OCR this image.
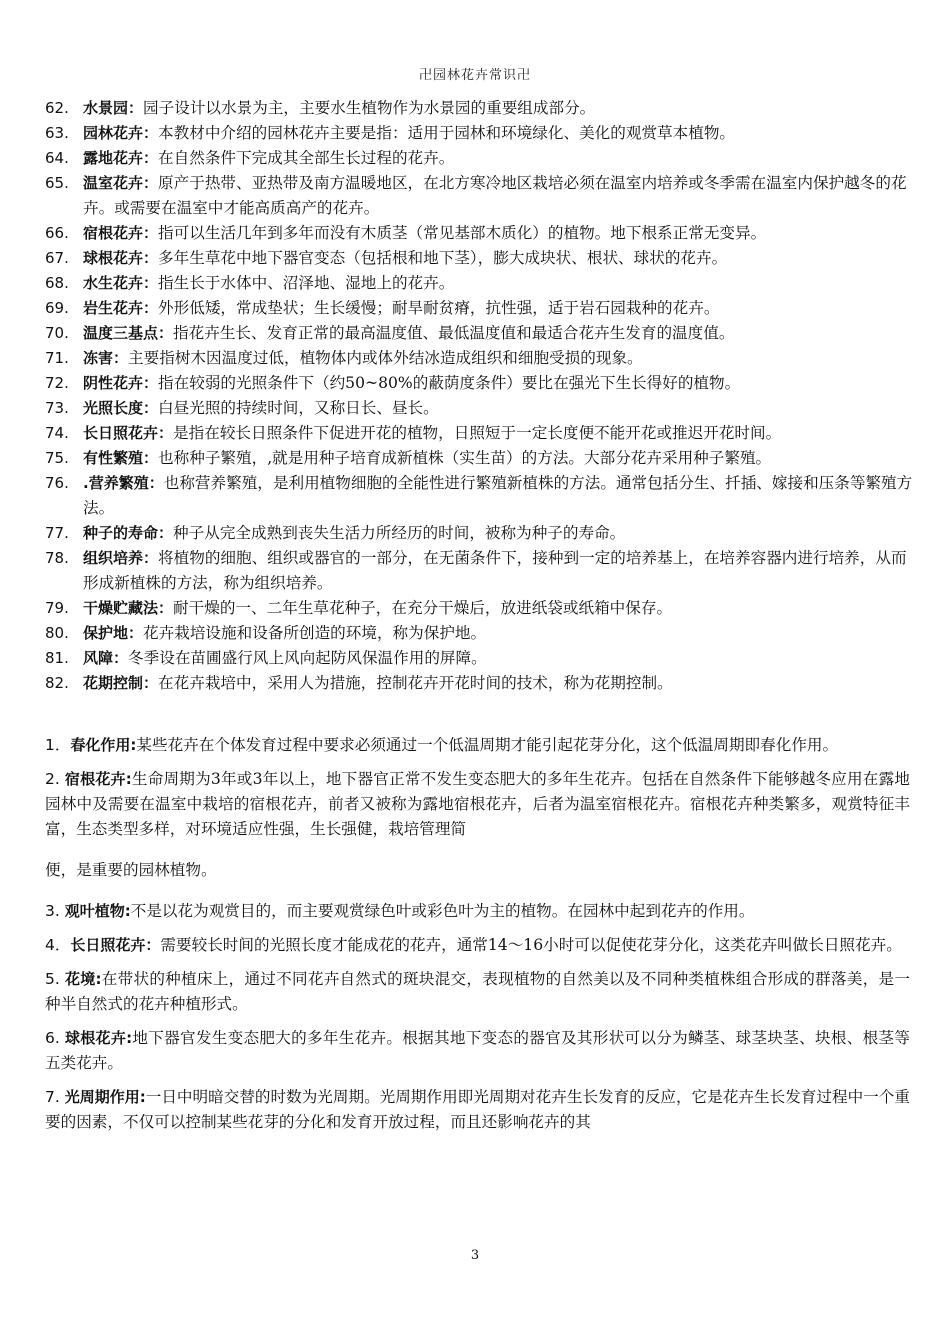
卍园林花卉常识卍
62. 水景园：园子设计以水景为主，主要水生植物作为水景园的重要组成部分。
63. 园林花卉：本教材中介绍的园林花卉主要是指：适用于园林和环境绿化、美化的观赏草本植物。
64. 露地花卉：在自然条件下完成其全部生长过程的花卉。
65. 温室花卉：原产于热带、亚热带及南方温暖地区，在北方寒冷地区栽培必须在温室内培养或冬季需在温室内保护越冬的花卉。或需要在温室中才能高质高产的花卉。
66. 宿根花卉：指可以生活几年到多年而没有木质茎（常见基部木质化）的植物。地下根系正常无变异。
67. 球根花卉：多年生草花中地下器官变态（包括根和地下茎），膨大成块状、根状、球状的花卉。
68. 水生花卉：指生长于水体中、沼泽地、湿地上的花卉。
69. 岩生花卉：外形低矮，常成垫状；生长缓慢；耐旱耐贫瘠，抗性强，适于岩石园栽种的花卉。
70. 温度三基点：指花卉生长、发育正常的最高温度值、最低温度值和最适合花卉生发育的温度值。
71. 冻害：主要指树木因温度过低，植物体内或体外结冰造成组织和细胞受损的现象。
72. 阴性花卉：指在较弱的光照条件下（约50~80%的蔽荫度条件）要比在强光下生长得好的植物。
73. 光照长度：白昼光照的持续时间，又称日长、昼长。
74. 长日照花卉：是指在较长日照条件下促进开花的植物，日照短于一定长度便不能开花或推迟开花时间。
75. 有性繁殖：也称种子繁殖，,就是用种子培育成新植株（实生苗）的方法。大部分花卉采用种子繁殖。
76. .营养繁殖：也称营养繁殖，是利用植物细胞的全能性进行繁殖新植株的方法。通常包括分生、扦插、嫁接和压条等繁殖方法。
77. 种子的寿命：种子从完全成熟到丧失生活力所经历的时间，被称为种子的寿命。
78. 组织培养：将植物的细胞、组织或器官的一部分，在无菌条件下，接种到一定的培养基上，在培养容器内进行培养，从而形成新植株的方法，称为组织培养。
79. 干燥贮藏法：耐干燥的一、二年生草花种子，在充分干燥后，放进纸袋或纸箱中保存。
80. 保护地：花卉栽培设施和设备所创造的环境，称为保护地。
81. 风障：冬季设在苗圃盛行风上风向起防风保温作用的屏障。
82. 花期控制：在花卉栽培中，采用人为措施，控制花卉开花时间的技术，称为花期控制。

1．春化作用:某些花卉在个体发育过程中要求必须通过一个低温周期才能引起花芽分化，这个低温周期即春化作用。

2. 宿根花卉:生命周期为3年或3年以上，地下器官正常不发生变态肥大的多年生花卉。包括在自然条件下能够越冬应用在露地园林中及需要在温室中栽培的宿根花卉，前者又被称为露地宿根花卉，后者为温室宿根花卉。宿根花卉种类繁多，观赏特征丰富，生态类型多样，对环境适应性强，生长强健，栽培管理简
便，是重要的园林植物。

3. 观叶植物:不是以花为观赏目的，而主要观赏绿色叶或彩色叶为主的植物。在园林中起到花卉的作用。

4．长日照花卉：需要较长时间的光照长度才能成花的花卉，通常14～16小时可以促使花芽分化，这类花卉叫做长日照花卉。

5. 花境:在带状的种植床上，通过不同花卉自然式的斑块混交，表现植物的自然美以及不同种类植株组合形成的群落美，是一种半自然式的花卉种植形式。

6. 球根花卉:地下器官发生变态肥大的多年生花卉。根据其地下变态的器官及其形状可以分为鳞茎、球茎块茎、块根、根茎等五类花卉。

7. 光周期作用:一日中明暗交替的时数为光周期。光周期作用即光周期对花卉生长发育的反应，它是花卉生长发育过程中一个重要的因素，不仅可以控制某些花芽的分化和发育开放过程，而且还影响花卉的其

3
